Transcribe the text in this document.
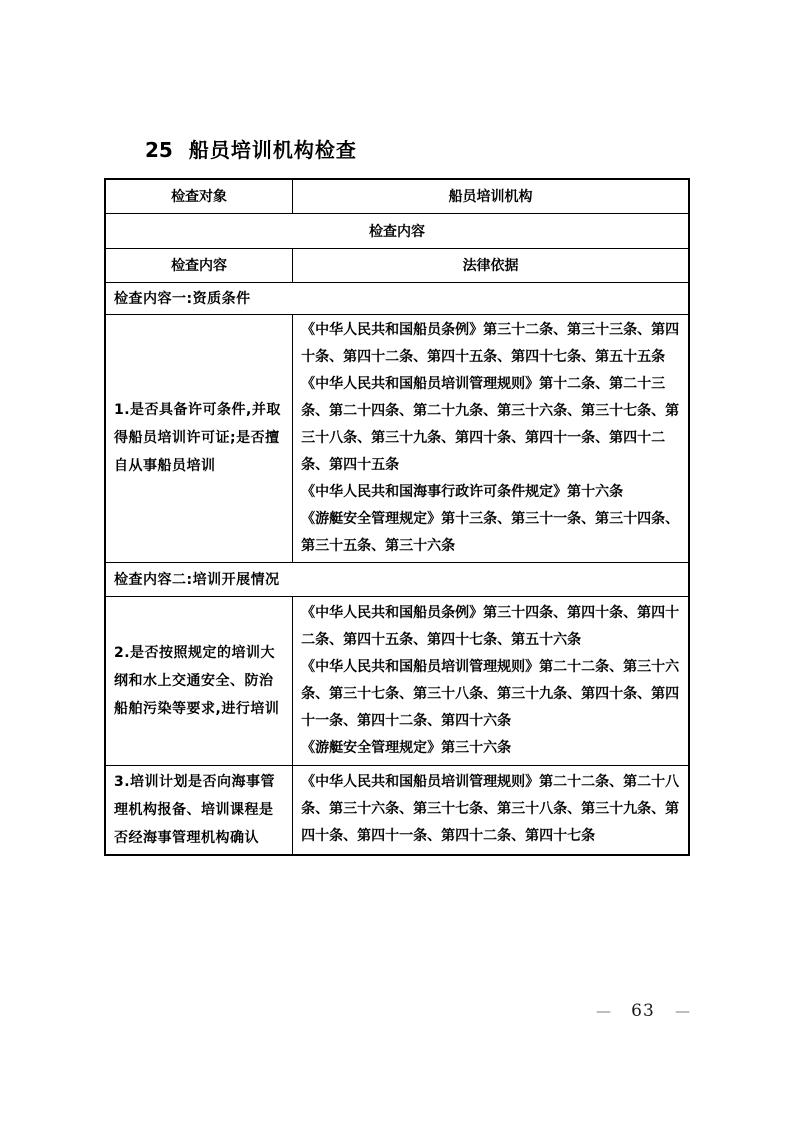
25 船员培训机构检查
检查对象	船员培训机构
检查内容	
检查内容	法律依据
检查内容一:资质条件	
1.是否具备许可条件,并取得船员培训许可证;是否擅自从事船员培训	《中华人民共和国船员条例》第三十二条、第三十三条、第四十条、第四十二条、第四十五条、第四十七条、第五十五条
《中华人民共和国船员培训管理规则》第十二条、第二十三条、第二十四条、第二十九条、第三十六条、第三十七条、第三十八条、第三十九条、第四十条、第四十一条、第四十二条、第四十五条
《中华人民共和国海事行政许可条件规定》第十六条
《游艇安全管理规定》第十三条、第三十一条、第三十四条、第三十五条、第三十六条

检查内容二:培训开展情况	
2.是否按照规定的培训大纲和水上交通安全、防治船舶污染等要求,进行培训	《中华人民共和国船员条例》第三十四条、第四十条、第四十二条、第四十五条、第四十七条、第五十六条
《中华人民共和国船员培训管理规则》第二十二条、第三十六条、第三十七条、第三十八条、第三十九条、第四十条、第四十一条、第四十二条、第四十六条
《游艇安全管理规定》第三十六条

3.培训计划是否向海事管理机构报备、培训课程是否经海事管理机构确认	《中华人民共和国船员培训管理规则》第二十二条、第二十八条、第三十六条、第三十七条、第三十八条、第三十九条、第四十条、第四十一条、第四十二条、第四十七条
— 63 —
